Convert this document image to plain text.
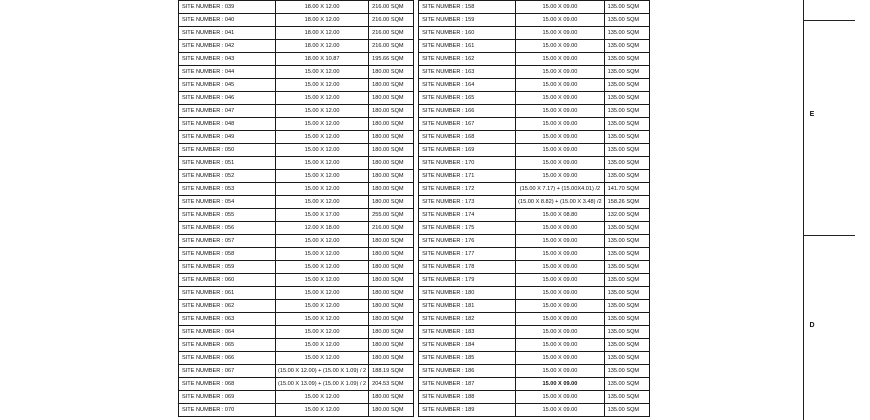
SITE NUMBER : 039	18.00 X 12.00	216.00 SQM		SITE NUMBER : 158	15.00 X 09.00	135.00 SQM
SITE NUMBER : 040	18.00 X 12.00	216.00 SQM		SITE NUMBER : 159	15.00 X 09.00	135.00 SQM
SITE NUMBER : 041	18.00 X 12.00	216.00 SQM		SITE NUMBER : 160	15.00 X 09.00	135.00 SQM
SITE NUMBER : 042	18.00 X 12.00	216.00 SQM		SITE NUMBER : 161	15.00 X 09.00	135.00 SQM
SITE NUMBER : 043	18.00 X 10.87	195.66 SQM		SITE NUMBER : 162	15.00 X 09.00	135.00 SQM
SITE NUMBER : 044	15.00 X 12.00	180.00 SQM		SITE NUMBER : 163	15.00 X 09.00	135.00 SQM
SITE NUMBER : 045	15.00 X 12.00	180.00 SQM		SITE NUMBER : 164	15.00 X 09.00	135.00 SQM
SITE NUMBER : 046	15.00 X 12.00	180.00 SQM		SITE NUMBER : 165	15.00 X 09.00	135.00 SQM
SITE NUMBER : 047	15.00 X 12.00	180.00 SQM		SITE NUMBER : 166	15.00 X 09.00	135.00 SQM
SITE NUMBER : 048	15.00 X 12.00	180.00 SQM		SITE NUMBER : 167	15.00 X 09.00	135.00 SQM
SITE NUMBER : 049	15.00 X 12.00	180.00 SQM		SITE NUMBER : 168	15.00 X 09.00	135.00 SQM
SITE NUMBER : 050	15.00 X 12.00	180.00 SQM		SITE NUMBER : 169	15.00 X 09.00	135.00 SQM
SITE NUMBER : 051	15.00 X 12.00	180.00 SQM		SITE NUMBER : 170	15.00 X 09.00	135.00 SQM
SITE NUMBER : 052	15.00 X 12.00	180.00 SQM		SITE NUMBER : 171	15.00 X 09.00	135.00 SQM
SITE NUMBER : 053	15.00 X 12.00	180.00 SQM		SITE NUMBER : 172	(15.00 X 7.17) + (15.00X4.01) /2	141.70 SQM
SITE NUMBER : 054	15.00 X 12.00	180.00 SQM		SITE NUMBER : 173	(15.00 X 8.82) + (15.00 X 3.48) /2	158.26 SQM
SITE NUMBER : 055	15.00 X 17.00	255.00 SQM		SITE NUMBER : 174	15.00 X 08.80	132.00 SQM
SITE NUMBER : 056	12.00 X 18.00	216.00 SQM		SITE NUMBER : 175	15.00 X 09.00	135.00 SQM
SITE NUMBER : 057	15.00 X 12.00	180.00 SQM		SITE NUMBER : 176	15.00 X 09.00	135.00 SQM
SITE NUMBER : 058	15.00 X 12.00	180.00 SQM		SITE NUMBER : 177	15.00 X 09.00	135.00 SQM
SITE NUMBER : 059	15.00 X 12.00	180.00 SQM		SITE NUMBER : 178	15.00 X 09.00	135.00 SQM
SITE NUMBER : 060	15.00 X 12.00	180.00 SQM		SITE NUMBER : 179	15.00 X 09.00	135.00 SQM
SITE NUMBER : 061	15.00 X 12.00	180.00 SQM		SITE NUMBER : 180	15.00 X 09.00	135.00 SQM
SITE NUMBER : 062	15.00 X 12.00	180.00 SQM		SITE NUMBER : 181	15.00 X 09.00	135.00 SQM
SITE NUMBER : 063	15.00 X 12.00	180.00 SQM		SITE NUMBER : 182	15.00 X 09.00	135.00 SQM
SITE NUMBER : 064	15.00 X 12.00	180.00 SQM		SITE NUMBER : 183	15.00 X 09.00	135.00 SQM
SITE NUMBER : 065	15.00 X 12.00	180.00 SQM		SITE NUMBER : 184	15.00 X 09.00	135.00 SQM
SITE NUMBER : 066	15.00 X 12.00	180.00 SQM		SITE NUMBER : 185	15.00 X 09.00	135.00 SQM
SITE NUMBER : 067	(15.00 X 12.00) + (15.00 X 1.09) / 2	188.19 SQM		SITE NUMBER : 186	15.00 X 09.00	135.00 SQM
SITE NUMBER : 068	(15.00 X 13.09) + (15.00 X 1.09) / 2	204.53 SQM		SITE NUMBER : 187	15.00 X 09.00	135.00 SQM
SITE NUMBER : 069	15.00 X 12.00	180.00 SQM		SITE NUMBER : 188	15.00 X 09.00	135.00 SQM
SITE NUMBER : 070	15.00 X 12.00	180.00 SQM		SITE NUMBER : 189	15.00 X 09.00	135.00 SQM
E
D
